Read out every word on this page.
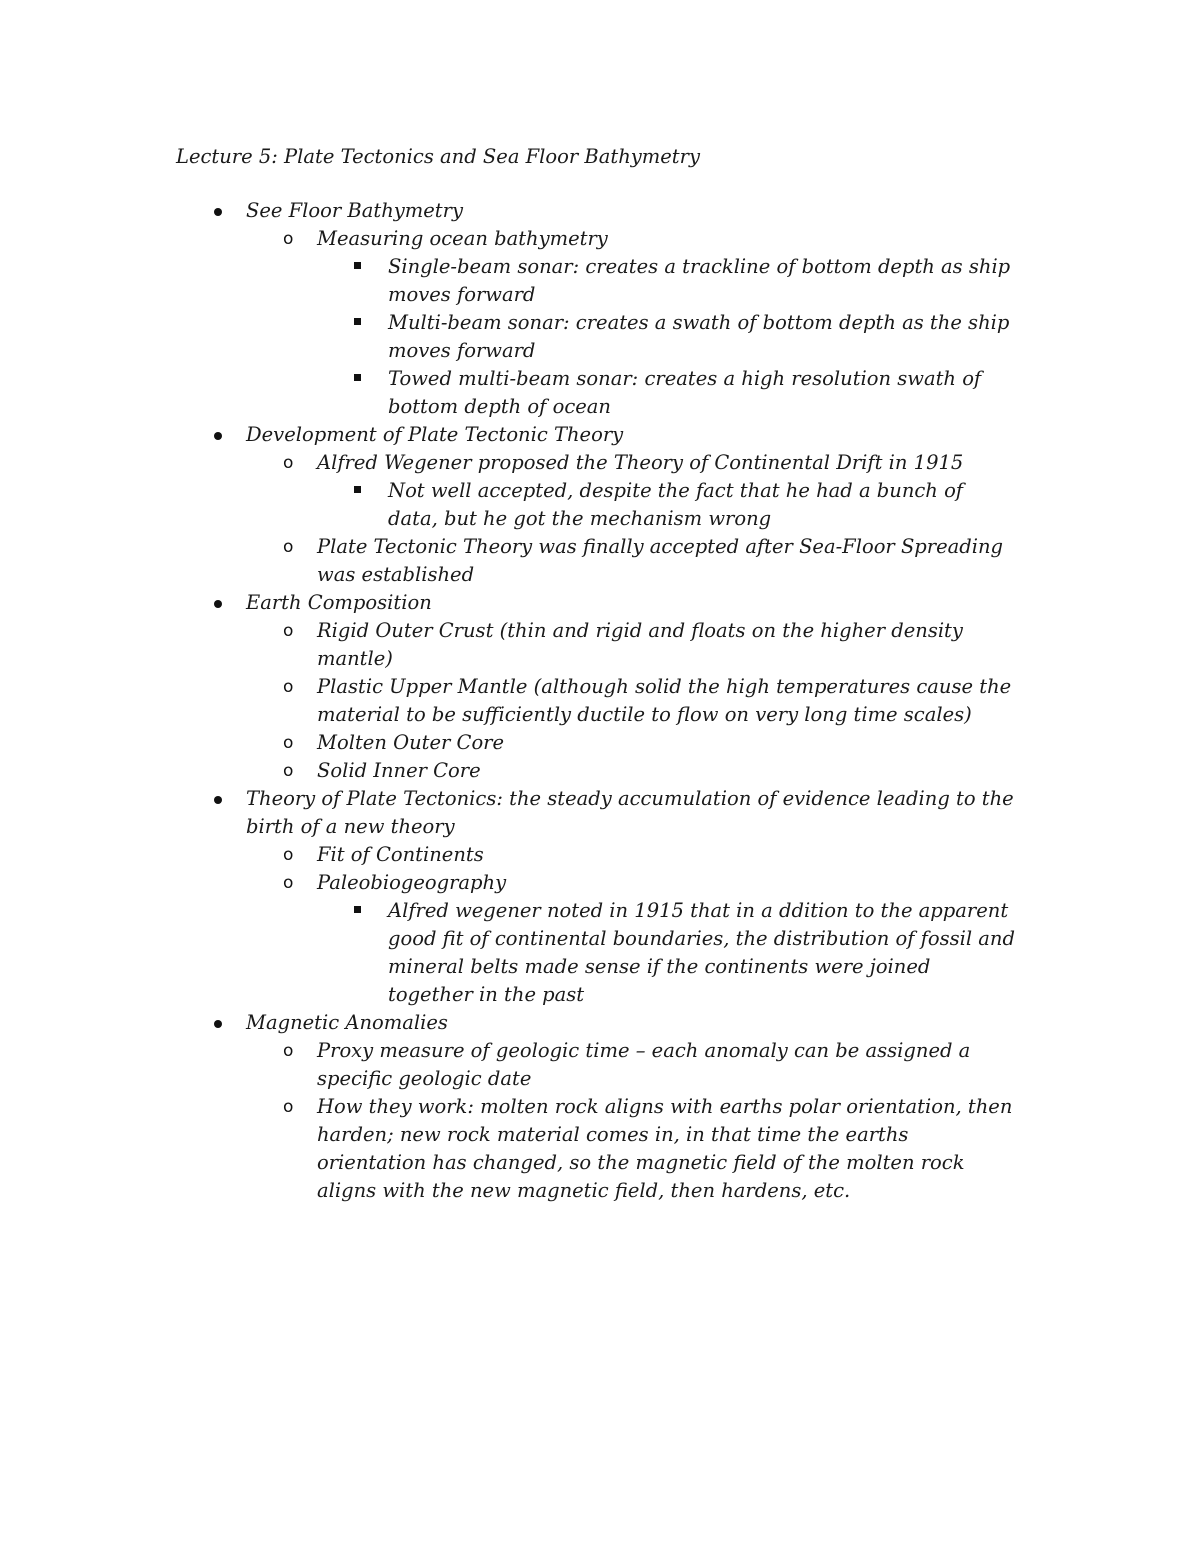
Lecture 5: Plate Tectonics and Sea Floor Bathymetry
See Floor Bathymetry
o Measuring ocean bathymetry
Single-beam sonar: creates a trackline of bottom depth as ship moves forward
Multi-beam sonar: creates a swath of bottom depth as the ship moves forward
Towed multi-beam sonar: creates a high resolution swath of bottom depth of ocean
Development of Plate Tectonic Theory
o Alfred Wegener proposed the Theory of Continental Drift in 1915
Not well accepted, despite the fact that he had a bunch of data, but he got the mechanism wrong
o Plate Tectonic Theory was finally accepted after Sea-Floor Spreading was established
Earth Composition
o Rigid Outer Crust (thin and rigid and floats on the higher density mantle)
o Plastic Upper Mantle (although solid the high temperatures cause the material to be sufficiently ductile to flow on very long time scales)
o Molten Outer Core
o Solid Inner Core
Theory of Plate Tectonics: the steady accumulation of evidence leading to the birth of a new theory
o Fit of Continents
o Paleobiogeography
Alfred wegener noted in 1915 that in a ddition to the apparent good fit of continental boundaries, the distribution of fossil and mineral belts made sense if the continents were joined together in the past
Magnetic Anomalies
o Proxy measure of geologic time – each anomaly can be assigned a specific geologic date
o How they work: molten rock aligns with earths polar orientation, then harden; new rock material comes in, in that time the earths orientation has changed, so the magnetic field of the molten rock aligns with the new magnetic field, then hardens, etc.
